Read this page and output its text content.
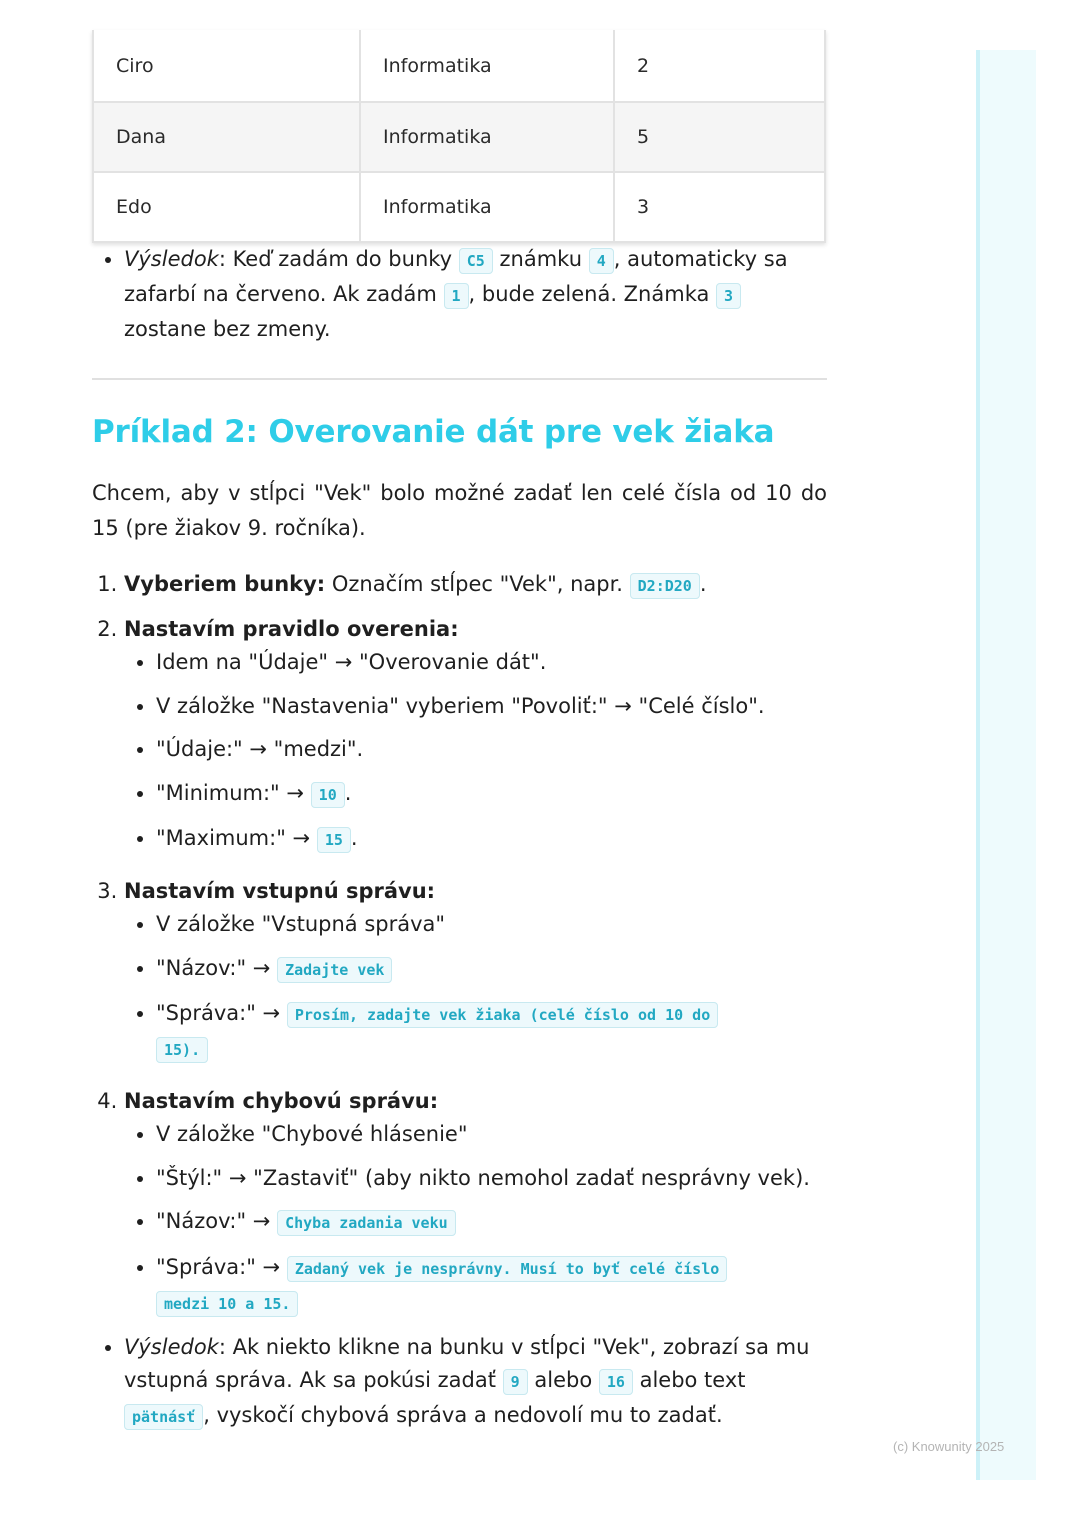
Ciro	Informatika	2
Dana	Informatika	5
Edo	Informatika	3
• Výsledok: Keď zadám do bunky C5 známku 4 , automaticky sa zafarbí na červeno. Ak zadám 1 , bude zelená. Známka 3 zostane bez zmeny.
Príklad 2: Overovanie dát pre vek žiaka

Chcem, aby v stĺpci "Vek" bolo možné zadať len celé čísla od 10 do 15 (pre žiakov 9. ročníka).

1. Vyberiem bunky: Označím stĺpec "Vek", napr. D2:D20 .
2. Nastavím pravidlo overenia:
• Idem na "Údaje" → "Overovanie dát".
• V záložke "Nastavenia" vyberiem "Povoliť:" → "Celé číslo".
• "Údaje:" → "medzi".
• "Minimum:" → 10 .
• "Maximum:" → 15 .
3. Nastavím vstupnú správu:
• V záložke "Vstupná správa"
• "Názov:" → Zadajte vek
• "Správa:" → Prosím, zadajte vek žiaka (celé číslo od 10 do
15).
4. Nastavím chybovú správu:
• V záložke "Chybové hlásenie"
• "Štýl:" → "Zastaviť" (aby nikto nemohol zadať nesprávny vek).
• "Názov:" → Chyba zadania veku
• "Správa:" → Zadaný vek je nesprávny. Musí to byť celé číslo
medzi 10 a 15.
• Výsledok: Ak niekto klikne na bunku v stĺpci "Vek", zobrazí sa mu vstupná správa. Ak sa pokúsi zadať 9 alebo 16 alebo text pätnásť , vyskočí chybová správa a nedovolí mu to zadať.
(c) Knowunity 2025
